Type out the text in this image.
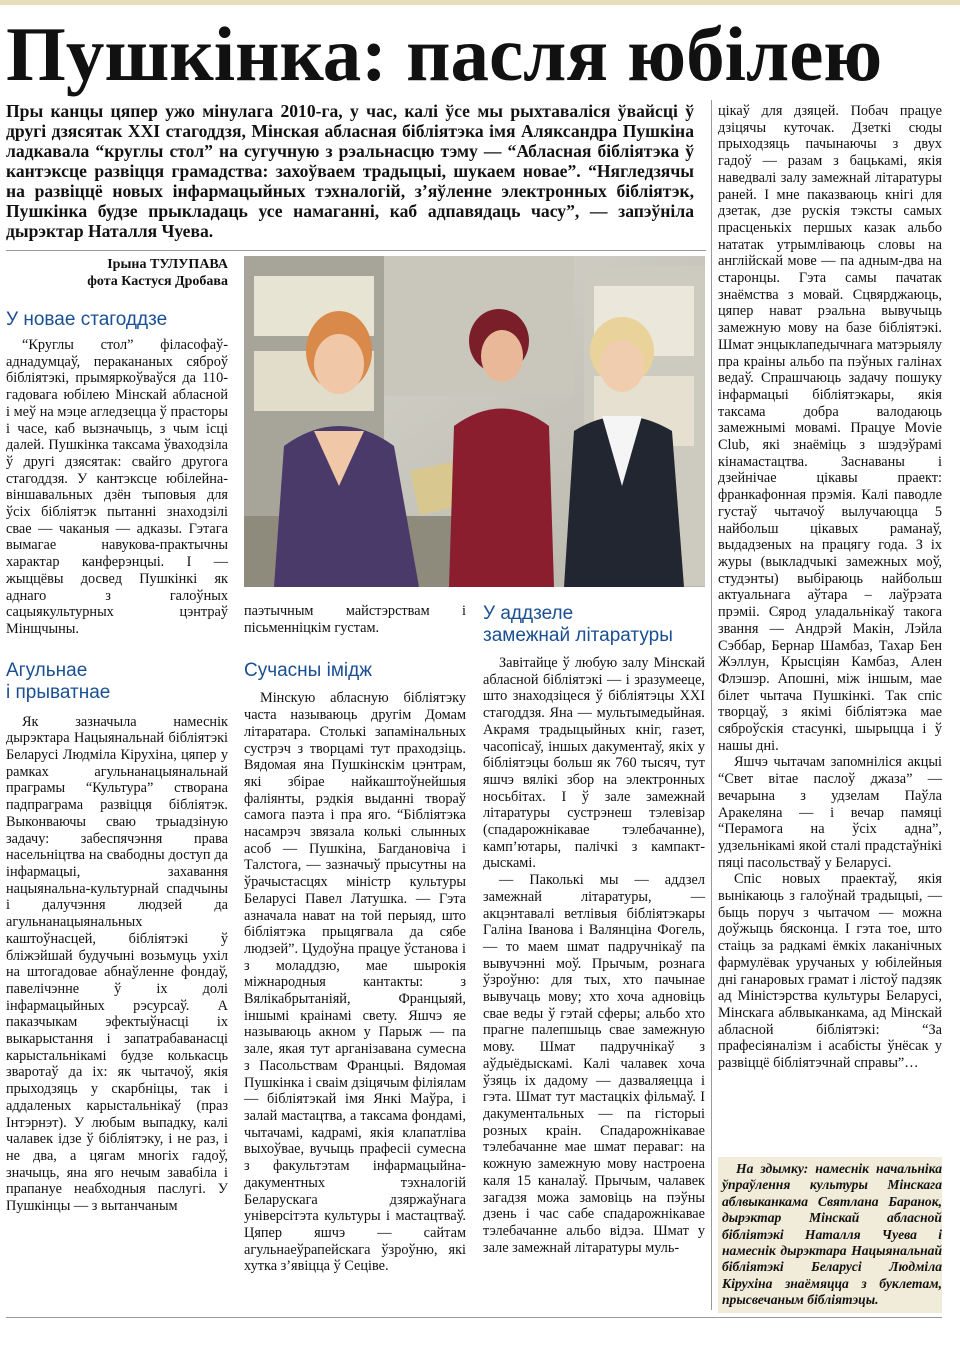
Пушкінка: пасля юбілею
Пры канцы цяпер ужо мінулага 2010-га, у час, калі ўсе мы рыхтаваліся ўвайсці ў другі дзясятак XXI стагоддзя, Мінская абласная бібліятэка імя Аляксандра Пушкіна ладкавала “круглы стол” на сугучную з рэальнасцю тэму — “Абласная бібліятэка ў кантэксце развіцця грамадства: захоўваем традыцыі, шукаем новае”. “Нягледзячы на развіццё новых інфармацыйных тэхналогій, з’яўленне электронных бібліятэк, Пушкінка будзе прыкладаць усе намаганні, каб адпавядаць часу”, — запэўніла дырэктар Наталля Чуева.
Ірына ТУЛУПАВА
фота Кастуся Дробава
У новае стагоддзе

“Круглы стол” філасофаў-аднадумцаў, перакананых сяброў бібліятэкі, прымяркоўваўся да 110-гадовага юбілею Мінскай абласной і меў на мэце агледзецца ў прасторы і часе, каб вызначыць, з чым ісці далей. Пушкінка таксама ўваходзіла ў другі дзясятак: свайго другога стагоддзя. У кантэксце юбілейна-віншавальных дзён тыповыя для ўсіх бібліятэк пытанні знаходзілі свае — чаканыя — адказы. Гэтага вымагае навукова-практычны характар канферэнцыі. І — жыццёвы досвед Пушкінкі як аднаго з галоўных сацыякультурных цэнтраў Мінщчыны.

Агульнае
і прыватнае

Як зазначыла намеснік дырэктара Нацыянальнай бібліятэкі Беларусі Людміла Кірухіна, цяпер у рамках агульнанацыянальнай праграмы “Культура” створана падпраграма развіцця бібліятэк. Выконваючы сваю трыадзіную задачу: забеспячэння права насельніцтва на свабодны доступ да інфармацыі, захавання нацыянальна-культурнай спадчыны і далучэння людзей да агульнанацыянальных каштоўнасцей, бібліятэкі ў бліжэйшай будучыні возьмуць ухіл на штогадовае абнаўленне фондаў, павелічэнне ў іх долі інфармацыйных рэсурсаў. А паказчыкам эфектыўнасці іх выкарыстання і запатрабаванасці карыстальнікамі будзе колькасць зваротаў да іх: як чытачоў, якія прыходзяць у скарбніцы, так і аддаленых карыстальнікаў (праз Інтэрнэт). У любым выпадку, калі чалавек ідзе ў бібліятэку, і не раз, і не два, а цягам многіх гадоў, значыць, яна яго нечым завабіла і прапануе неабходныя паслугі. У Пушкінцы — з вытанчаным

паэтычным майстэрствам і пісьменніцкім густам.

Сучасны імідж

Мінскую абласную бібліятэку часта называюць другім Домам літаратара. Столькі запамінальных сустрэч з творцамі тут праходзіць. Вядомая яна Пушкінскім цэнтрам, які збірае найкаштоўнейшыя фаліянты, рэдкія выданні твораў самога паэта і пра яго. “Бібліятэка насамрэч звязала колькі слынных асоб — Пушкіна, Багдановіча і Талстога, — зазначыў прысутны на ўрачыстасцях міністр культуры Беларусі Павел Латушка. — Гэта азначала нават на той перыяд, што бібліятэка прыцягвала да сябе людзей”. Цудоўна працуе ўстанова і з моладдзю, мае шырокія міжнародныя кантакты: з Вялікабрытаніяй, Францыяй, іншымі краінамі свету. Яшчэ яе называюць акном у Парыж — па зале, якая тут арганізавана сумесна з Пасольствам Францыі. Вядомая Пушкінка і сваім дзіцячым філіялам — бібліятэкай імя Янкі Маўра, і залай мастацтва, а таксама фондамі, чытачамі, кадрамі, якія клапатліва выхоўвае, вучыць прафесіі сумесна з факультэтам інфармацыйна-дакументных тэхналогій Беларускага дзяржаўнага універсітэта культуры і мастацтваў. Цяпер яшчэ — сайтам агульнаеўрапейскага ўзроўню, які хутка з’явіцца ў Сеціве.

У аддзеле
замежнай літаратуры

Завітайце ў любую залу Мінскай абласной бібліятэкі — і зразумееце, што знаходзіцеся ў бібліятэцы XXI стагоддзя. Яна — мультымедыйная. Акрамя традыцыйных кніг, газет, часопісаў, іншых дакументаў, якіх у бібліятэцы больш як 760 тысяч, тут яшчэ вялікі збор на электронных носьбітах. І ў зале замежнай літаратуры сустрэнеш тэлевізар (спадарожнікавае тэлебачанне), камп’ютары, палічкі з кампакт-дыскамі.

— Паколькі мы — аддзел замежнай літаратуры, — акцэнтавалі ветлівыя бібліятэкары Галіна Іванова і Валянціна Фогель, — то маем шмат падручнікаў па вывучэнні моў. Прычым, рознага ўзроўню: для тых, хто пачынае вывучаць мову; хто хоча адновіць свае веды ў гэтай сферы; альбо хто прагне палепшыць свае замежную мову. Шмат падручнікаў з аўдыёдыскамі. Калі чалавек хоча ўзяць іх дадому — дазваляецца і гэта. Шмат тут мастацкіх фільмаў. І дакументальных — па гісторыі розных краін. Спадарожнікавае тэлебачанне мае шмат пераваг: на кожную замежную мову настроена каля 15 каналаў. Прычым, чалавек загадзя можа замовіць на пэўны дзень і час сабе спадарожнікавае тэлебачанне альбо відэа. Шмат у зале замежнай літаратуры муль-

цікаў для дзяцей. Побач працуе дзіцячы куточак. Дзеткі сюды прыходзяць пачынаючы з двух гадоў — разам з бацькамі, якія наведвалі залу замежнай літаратуры раней. І мне паказваюць кнігі для дзетак, дзе рускія тэксты самых прасценькіх першых казак альбо нататак утрымліваюць словы на англійскай мове — па адным-два на старонцы. Гэта самы пачатак знаёмства з мовай. Сцвярджаюць, цяпер нават рэальна вывучыць замежную мову на базе бібліятэкі. Шмат энцыклапедычнага матэрыялу пра краіны альбо па пэўных галінах ведаў. Спрашчаюць задачу пошуку інфармацыі бібліятэкары, якія таксама добра валодаюць замежнымі мовамі. Працуе Movie Club, які знаёміць з шэдэўрамі кінамастацтва. Заснаваны і дзейнічае цікавы праект: франкафонная прэмія. Калі паводле густаў чытачоў вылучаюцца 5 найбольш цікавых раманаў, выдадзеных на працягу года. З іх журы (выкладчыкі замежных моў, студэнты) выбіраюць найбольш актуальнага аўтара – лаўрэата прэміі. Сярод уладальнікаў такога звання — Андрэй Макін, Лэйла Сэббар, Бернар Шамбаз, Тахар Бен Жэллун, Крысціян Камбаз, Ален Флэшэр. Апошні, між іншым, мае білет чытача Пушкінкі. Так спіс творцаў, з якімі бібліятэка мае сяброўскія стасункі, шырыцца і ў нашы дні.

Яшчэ чытачам запомніліся акцыі “Свет вітае паслоў джаза” — вечарына з удзелам Паўла Аракеляна — і вечар памяці “Перамога на ўсіх адна”, удзельнікамі якой сталі прадстаўнікі пяці пасольстваў у Беларусі.

Спіс новых праектаў, якія вынікаюць з галоўнай традыцыі, — быць поруч з чытачом — можна доўжыць бясконца. І гэта тое, што стаіць за радкамі ёмкіх лаканічных фармулёвак уручаных у юбілейныя дні ганаровых грамат і лістоў падзяк ад Міністэрства культуры Беларусі, Мінскага аблвыканкама, ад Мінскай абласной бібліятэкі: “За прафесіяналізм і асабісты ўнёсак у развіццё бібліятэчнай справы”…

На здымку: намеснік начальніка ўпраўлення культуры Мінскага аблвыканкама Святлана Баранок, дырэктар Мінскай абласной бібліятэкі Наталля Чуева і намеснік дырэктара Нацыянальнай бібліятэкі Беларусі Людміла Кірухіна знаёмяцца з буклетам, прысвечаным бібліятэцы.
